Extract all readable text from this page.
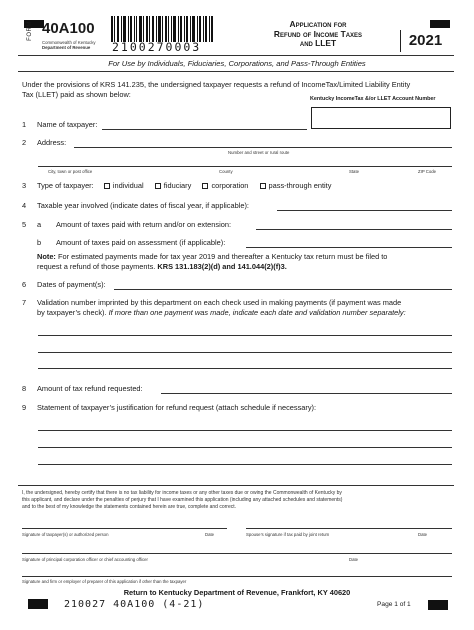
FORM 40A100
Commonwealth of Kentucky
Department of Revenue 2100270003
Application for
Refund of Income Taxes
and LLET	2021
For Use by Individuals, Fiduciaries, Corporations, and Pass-Through Entities
Under the provisions of KRS 141.235, the undersigned taxpayer requests a refund of IncomeTax/Limited Liability Entity
Tax (LLET) paid as shown below:	Kentucky IncomeTax &/or LLET Account Number
1 Name of taxpayer:
2 Address:
Number and street or rural route
City, town or post office	County	State	ZIP Code
3 Type of taxpayer:	individual	fiduciary	corporation	pass-through entity
4 Taxable year involved (indicate dates of fiscal year, if applicable):
5 a Amount of taxes paid with return and/or on extension:
b Amount of taxes paid on assessment (if applicable):
Note: For estimated payments made for tax year 2019 and thereafter a Kentucky tax return must be filed to
request a refund of those payments. KRS 131.183(2)(d) and 141.044(2)(f)3.
6 Dates of payment(s):
7 Validation number imprinted by this department on each check used in making payments (if payment was made
by taxpayer’s check). If more than one payment was made, indicate each date and validation number separately:
8 Amount of tax refund requested:
9 Statement of taxpayer’s justification for refund request (attach schedule if necessary):
I, the undersigned, hereby certify that there is no tax liability for income taxes or any other taxes due or owing the Commonwealth of Kentucky by
this applicant, and declare under the penalties of perjury that I have examined this application (including any attached schedules and statements)
and to the best of my knowledge the statements contained herein are true, complete and correct.
Signature of taxpayer(s) or authorized person	Date	Spouse’s signature if tax paid by joint return	Date
Signature of principal corporation officer or chief accounting officer	Date
Signature and firm or employer of preparer of this application if other than the taxpayer
Return to Kentucky Department of Revenue, Frankfort, KY 40620
210027 40A100 (4-21)	Page 1 of 1
